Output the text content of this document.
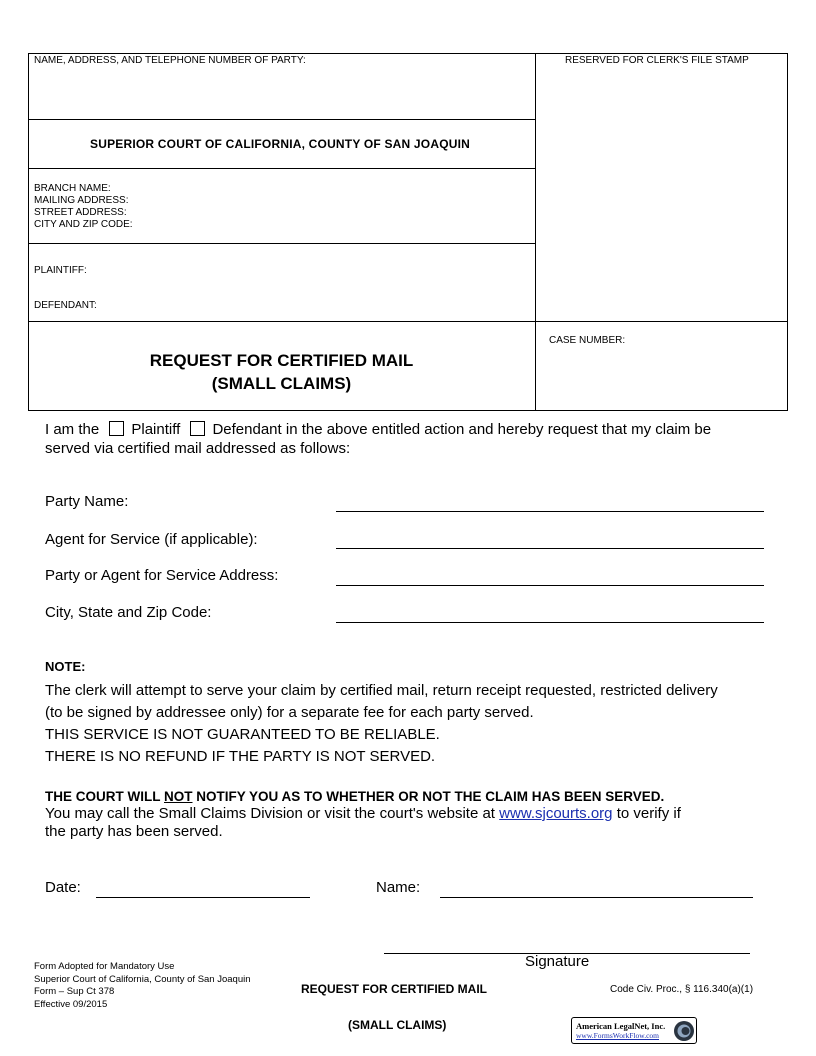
NAME, ADDRESS, AND TELEPHONE NUMBER OF PARTY:	RESERVED FOR CLERK'S FILE STAMP
SUPERIOR COURT OF CALIFORNIA, COUNTY OF SAN JOAQUIN
BRANCH NAME:
MAILING ADDRESS:
STREET ADDRESS:
CITY AND ZIP CODE:
PLAINTIFF:
DEFENDANT:
REQUEST FOR CERTIFIED MAIL
(SMALL CLAIMS)
CASE NUMBER:
I am the Plaintiff Defendant in the above entitled action and hereby request that my claim be
served via certified mail addressed as follows:
Party Name:
Agent for Service (if applicable):
Party or Agent for Service Address:
City, State and Zip Code:
NOTE:
The clerk will attempt to serve your claim by certified mail, return receipt requested, restricted delivery
(to be signed by addressee only) for a separate fee for each party served.
THIS SERVICE IS NOT GUARANTEED TO BE RELIABLE.
THERE IS NO REFUND IF THE PARTY IS NOT SERVED.
THE COURT WILL NOT NOTIFY YOU AS TO WHETHER OR NOT THE CLAIM HAS BEEN SERVED.
You may call the Small Claims Division or visit the court's website at www.sjcourts.org to verify if
the party has been served.
Date:	Name:
Signature
Form Adopted for Mandatory Use
Superior Court of California, County of San Joaquin
Form – Sup Ct 378
Effective 09/2015
REQUEST FOR CERTIFIED MAIL
(SMALL CLAIMS)
Code Civ. Proc., § 116.340(a)(1)
American LegalNet, Inc.
www.FormsWorkFlow.com
